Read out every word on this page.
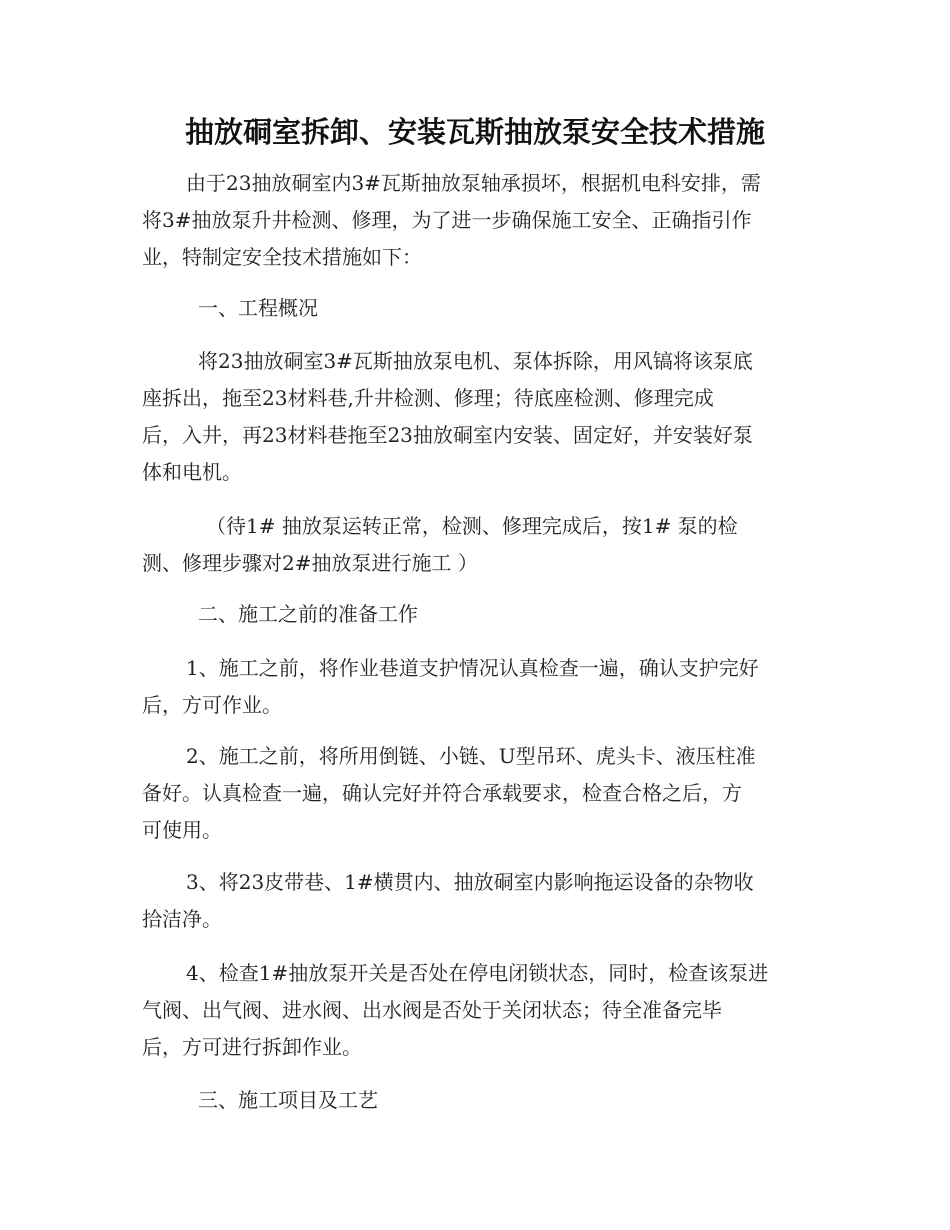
抽放硐室拆卸、安装瓦斯抽放泵安全技术措施

由于23抽放硐室内3#瓦斯抽放泵轴承损坏，根据机电科安排，需
将3#抽放泵升井检测、修理，为了进一步确保施工安全、正确指引作
业，特制定安全技术措施如下：

一、工程概况

将23抽放硐室3#瓦斯抽放泵电机、泵体拆除，用风镐将该泵底
座拆出，拖至23材料巷,升井检测、修理；待底座检测、修理完成
后，入井，再23材料巷拖至23抽放硐室内安装、固定好，并安装好泵
体和电机。

（待1# 抽放泵运转正常，检测、修理完成后，按1# 泵的检
测、修理步骤对2#抽放泵进行施工 ）

二、施工之前的准备工作

1、施工之前，将作业巷道支护情况认真检查一遍，确认支护完好
后，方可作业。

2、施工之前，将所用倒链、小链、U型吊环、虎头卡、液压柱准
备好。认真检查一遍，确认完好并符合承载要求，检查合格之后，方
可使用。

3、将23皮带巷、1#横贯内、抽放硐室内影响拖运设备的杂物收
拾洁净。

4、检查1#抽放泵开关是否处在停电闭锁状态，同时，检查该泵进
气阀、出气阀、进水阀、出水阀是否处于关闭状态；待全准备完毕
后，方可进行拆卸作业。

三、施工项目及工艺
